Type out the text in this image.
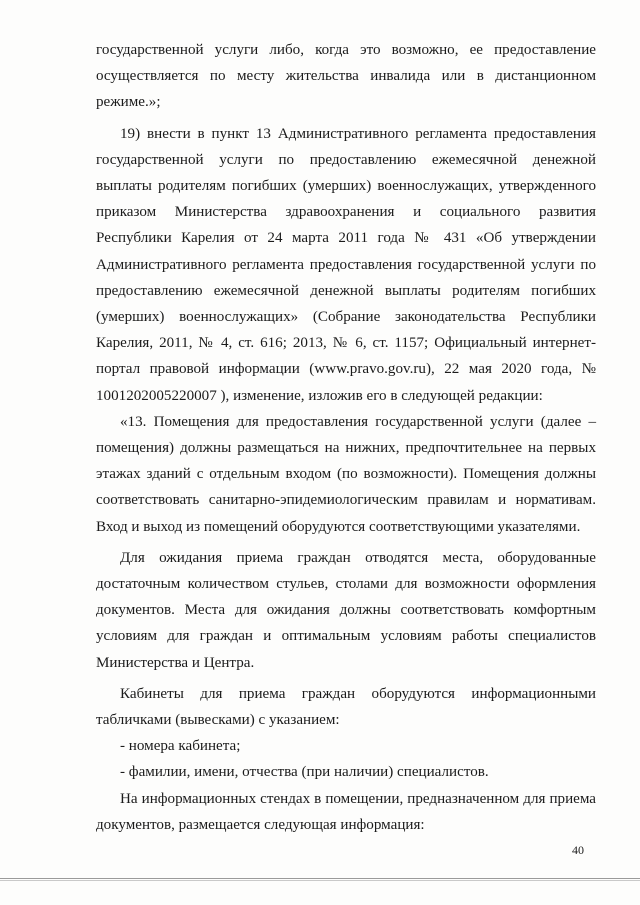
государственной услуги либо, когда это возможно, ее предоставление осуществляется по месту жительства инвалида или в дистанционном режиме.»;

19) внести в пункт 13 Административного регламента предоставления государственной услуги по предоставлению ежемесячной денежной выплаты родителям погибших (умерших) военнослужащих, утвержденного приказом Министерства здравоохранения и социального развития Республики Карелия от 24 марта 2011 года № 431 «Об утверждении Административного регламента предоставления государственной услуги по предоставлению ежемесячной денежной выплаты родителям погибших (умерших) военнослужащих» (Собрание законодательства Республики Карелия, 2011, № 4, ст. 616; 2013, № 6, ст. 1157; Официальный интернет-портал правовой информации (www.pravo.gov.ru), 22 мая 2020 года, № 1001202005220007 ), изменение, изложив его в следующей редакции:

«13. Помещения для предоставления государственной услуги (далее – помещения) должны размещаться на нижних, предпочтительнее на первых этажах зданий с отдельным входом (по возможности). Помещения должны соответствовать санитарно-эпидемиологическим правилам и нормативам. Вход и выход из помещений оборудуются соответствующими указателями.

Для ожидания приема граждан отводятся места, оборудованные достаточным количеством стульев, столами для возможности оформления документов. Места для ожидания должны соответствовать комфортным условиям для граждан и оптимальным условиям работы специалистов Министерства и Центра.

Кабинеты для приема граждан оборудуются информационными табличками (вывесками) с указанием:

- номера кабинета;

- фамилии, имени, отчества (при наличии) специалистов.

На информационных стендах в помещении, предназначенном для приема документов, размещается следующая информация:

40
